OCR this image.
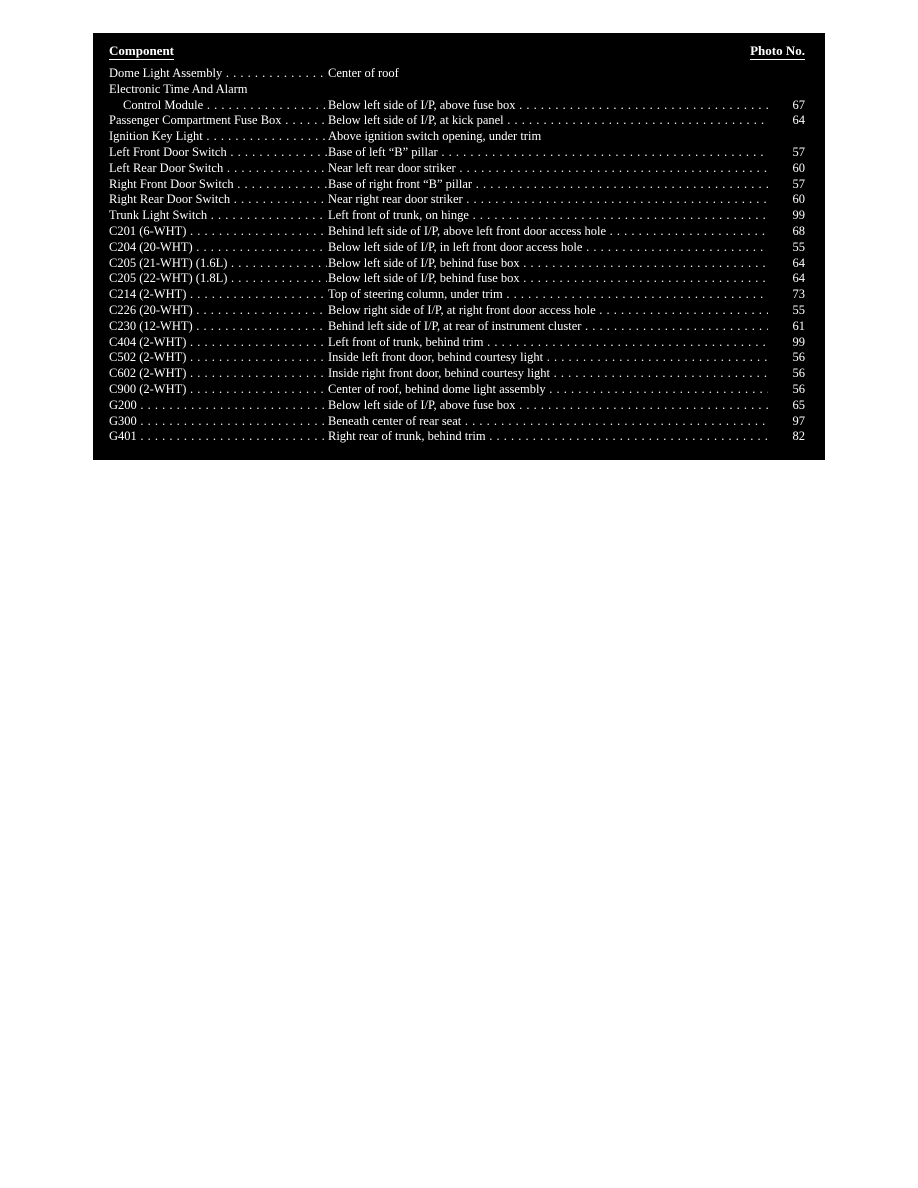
Component	Photo No.
Dome Light Assembly . . .	Center of roof
Electronic Time And Alarm
Control Module . . .	Below left side of I/P, above fuse box . . .	67
Passenger Compartment Fuse Box . . .	Below left side of I/P, at kick panel . . .	64
Ignition Key Light . . .	Above ignition switch opening, under trim
Left Front Door Switch . . .	Base of left “B” pillar . . .	57
Left Rear Door Switch . . .	Near left rear door striker . . .	60
Right Front Door Switch . . .	Base of right front “B” pillar . . .	57
Right Rear Door Switch . . .	Near right rear door striker . . .	60
Trunk Light Switch . . .	Left front of trunk, on hinge . . .	99
C201 (6-WHT) . . .	Behind left side of I/P, above left front door access hole . . .	68
C204 (20-WHT) . . .	Below left side of I/P, in left front door access hole . . .	55
C205 (21-WHT) (1.6L) . . .	Below left side of I/P, behind fuse box . . .	64
C205 (22-WHT) (1.8L) . . .	Below left side of I/P, behind fuse box . . .	64
C214 (2-WHT) . . .	Top of steering column, under trim . . .	73
C226 (20-WHT) . . .	Below right side of I/P, at right front door access hole . . .	55
C230 (12-WHT) . . .	Behind left side of I/P, at rear of instrument cluster . . .	61
C404 (2-WHT) . . .	Left front of trunk, behind trim . . .	99
C502 (2-WHT) . . .	Inside left front door, behind courtesy light . . .	56
C602 (2-WHT) . . .	Inside right front door, behind courtesy light . . .	56
C900 (2-WHT) . . .	Center of roof, behind dome light assembly . . .	56
G200 . . .	Below left side of I/P, above fuse box . . .	65
G300 . . .	Beneath center of rear seat . . .	97
G401 . . .	Right rear of trunk, behind trim . . .	82
